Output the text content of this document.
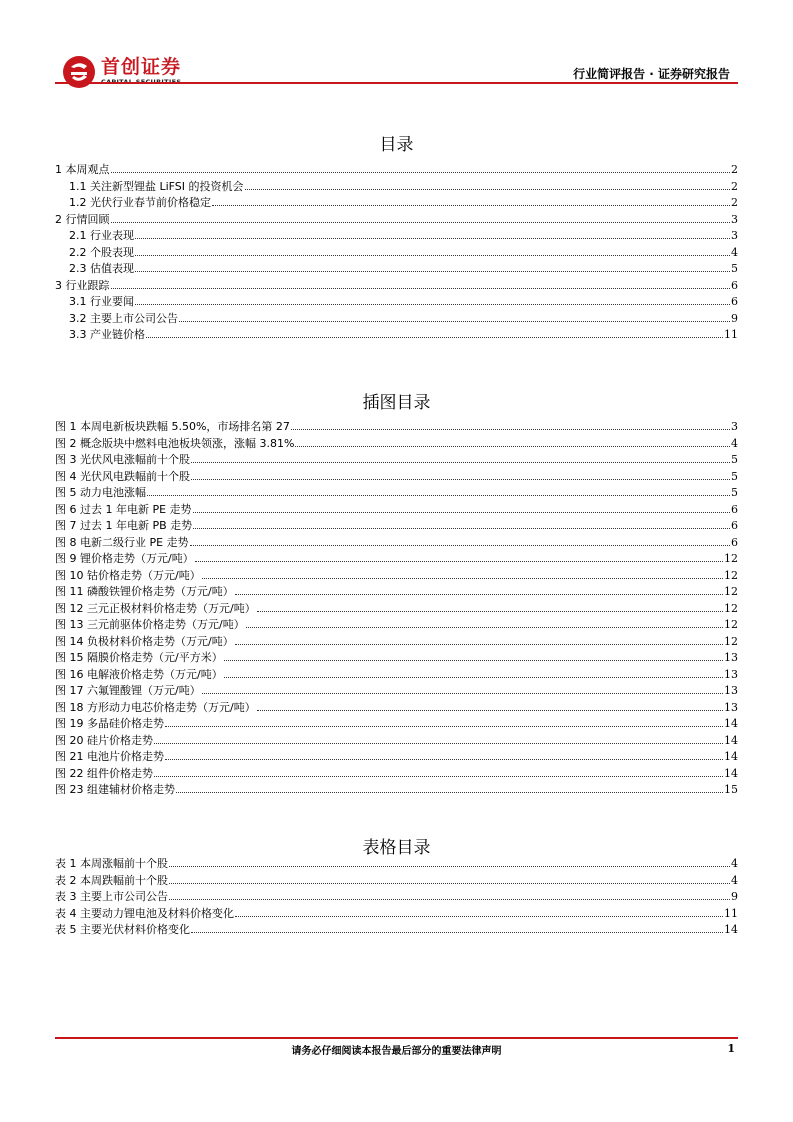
首创证券	行业简评报告 · 证券研究报告
目录
1 本周观点	2
1.1 关注新型锂盐 LiFSI 的投资机会	2
1.2 光伏行业春节前价格稳定	2
2 行情回顾	3
2.1 行业表现	3
2.2 个股表现	4
2.3 估值表现	5
3 行业跟踪	6
3.1 行业要闻	6
3.2 主要上市公司公告	9
3.3 产业链价格	11
插图目录
图 1 本周电新板块跌幅 5.50%，市场排名第 27	3
图 2 概念版块中燃料电池板块领涨，涨幅 3.81%	4
图 3 光伏风电涨幅前十个股	5
图 4 光伏风电跌幅前十个股	5
图 5 动力电池涨幅	5
图 6 过去 1 年电新 PE 走势	6
图 7 过去 1 年电新 PB 走势	6
图 8 电新二级行业 PE 走势	6
图 9 锂价格走势（万元/吨）	12
图 10 钴价格走势（万元/吨）	12
图 11 磷酸铁锂价格走势（万元/吨）	12
图 12 三元正极材料价格走势（万元/吨）	12
图 13 三元前驱体价格走势（万元/吨）	12
图 14 负极材料价格走势（万元/吨）	12
图 15 隔膜价格走势（元/平方米）	13
图 16 电解液价格走势（万元/吨）	13
图 17 六氟锂酸锂（万元/吨）	13
图 18 方形动力电芯价格走势（万元/吨）	13
图 19 多晶硅价格走势	14
图 20 硅片价格走势	14
图 21 电池片价格走势	14
图 22 组件价格走势	14
图 23 组建辅材价格走势	15
表格目录
表 1 本周涨幅前十个股	4
表 2 本周跌幅前十个股	4
表 3 主要上市公司公告	9
表 4 主要动力锂电池及材料价格变化	11
表 5 主要光伏材料价格变化	14
请务必仔细阅读本报告最后部分的重要法律声明	1
